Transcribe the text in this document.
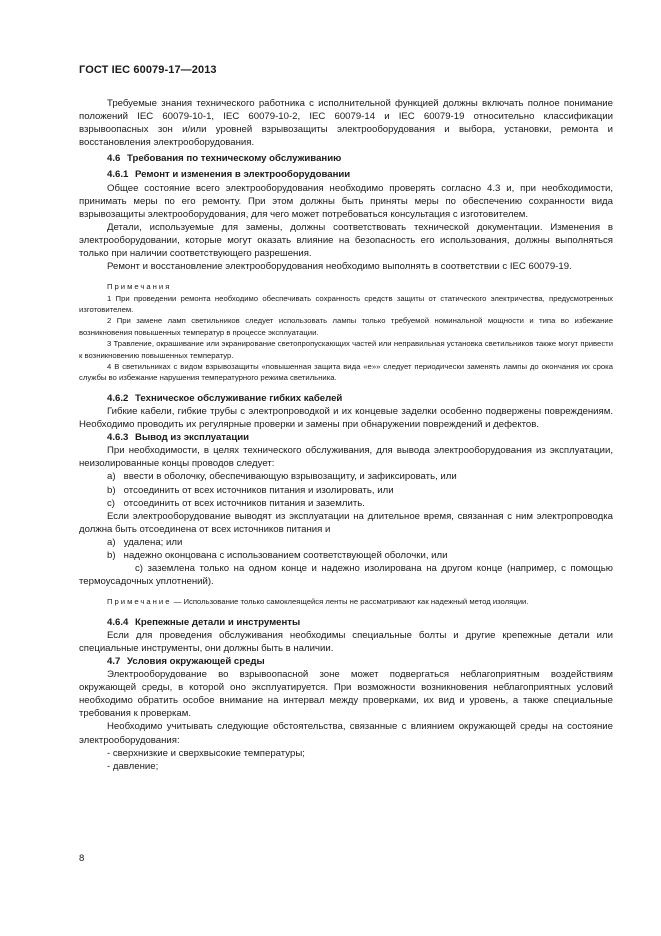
ГОСТ IEC 60079-17—2013

Требуемые знания технического работника с исполнительной функцией должны включать полное понимание положений IEC 60079-10-1, IEC 60079-10-2, IEC 60079-14 и IEC 60079-19 относительно классификации взрывоопасных зон и/или уровней взрывозащиты электрооборудования и выбора, установки, ремонта и восстановления электрооборудования.

4.6 Требования по техническому обслуживанию

4.6.1 Ремонт и изменения в электрооборудовании

Общее состояние всего электрооборудования необходимо проверять согласно 4.3 и, при необходимости, принимать меры по его ремонту. При этом должны быть приняты меры по обеспечению сохранности вида взрывозащиты электрооборудования, для чего может потребоваться консультация с изготовителем.

Детали, используемые для замены, должны соответствовать технической документации. Изменения в электрооборудовании, которые могут оказать влияние на безопасность его использования, должны выполняться только при наличии соответствующего разрешения.

Ремонт и восстановление электрооборудования необходимо выполнять в соответствии с IEC 60079-19.

Примечания

1 При проведении ремонта необходимо обеспечивать сохранность средств защиты от статического электричества, предусмотренных изготовителем.

2 При замене ламп светильников следует использовать лампы только требуемой номинальной мощности и типа во избежание возникновения повышенных температур в процессе эксплуатации.

3 Травление, окрашивание или экранирование светопропускающих частей или неправильная установка светильников также могут привести к возникновению повышенных температур.

4 В светильниках с видом взрывозащиты «повышенная защита вида «е»» следует периодически заменять лампы до окончания их срока службы во избежание нарушения температурного режима светильника.

4.6.2 Техническое обслуживание гибких кабелей

Гибкие кабели, гибкие трубы с электропроводкой и их концевые заделки особенно подвержены повреждениям. Необходимо проводить их регулярные проверки и замены при обнаружении повреждений и дефектов.

4.6.3 Вывод из эксплуатации

При необходимости, в целях технического обслуживания, для вывода электрооборудования из эксплуатации, неизолированные концы проводов следует:

a) ввести в оболочку, обеспечивающую взрывозащиту, и зафиксировать, или

b) отсоединить от всех источников питания и изолировать, или

c) отсоединить от всех источников питания и заземлить.

Если электрооборудование выводят из эксплуатации на длительное время, связанная с ним электропроводка должна быть отсоединена от всех источников питания и

a) удалена; или

b) надежно оконцована с использованием соответствующей оболочки, или

c) заземлена только на одном конце и надежно изолирована на другом конце (например, с помощью термоусадочных уплотнений).

Примечание — Использование только самоклеящейся ленты не рассматривают как надежный метод изоляции.

4.6.4 Крепежные детали и инструменты

Если для проведения обслуживания необходимы специальные болты и другие крепежные детали или специальные инструменты, они должны быть в наличии.

4.7 Условия окружающей среды

Электрооборудование во взрывоопасной зоне может подвергаться неблагоприятным воздействиям окружающей среды, в которой оно эксплуатируется. При возможности возникновения неблагоприятных условий необходимо обратить особое внимание на интервал между проверками, их вид и уровень, а также специальные требования к проверкам.

Необходимо учитывать следующие обстоятельства, связанные с влиянием окружающей среды на состояние электрооборудования:

- сверхнизкие и сверхвысокие температуры;

- давление;

8
